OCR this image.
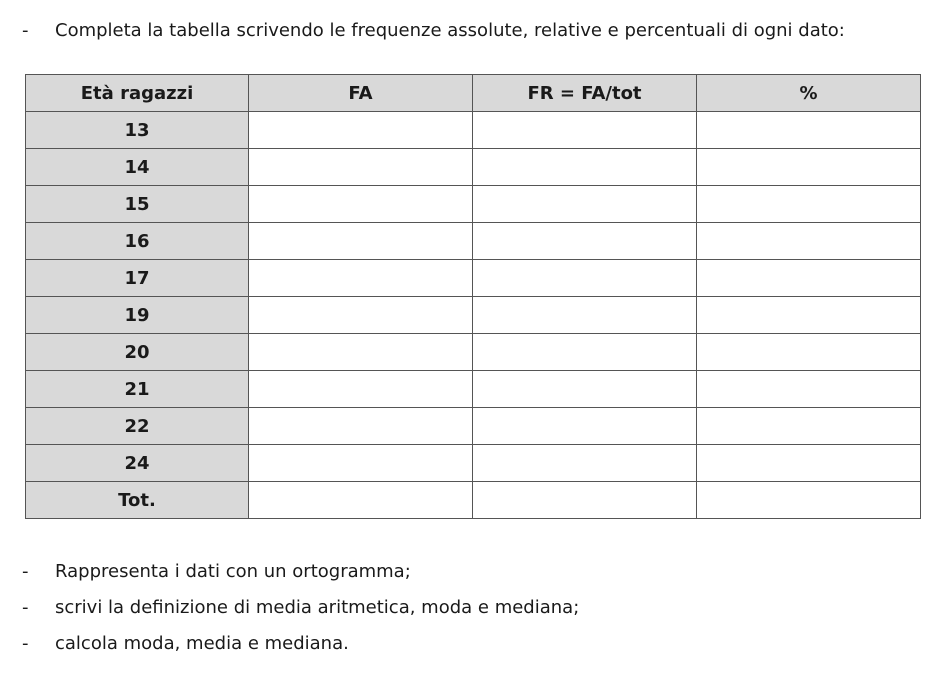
-	Completa la tabella scrivendo le frequenze assolute, relative e percentuali di ogni dato:
Età ragazzi	FA	FR = FA/tot	%
13			
14			
15			
16			
17			
19			
20			
21			
22			
24			
Tot.			
-	Rappresenta i dati con un ortogramma;
-	scrivi la definizione di media aritmetica, moda e mediana;
-	calcola moda, media e mediana.
